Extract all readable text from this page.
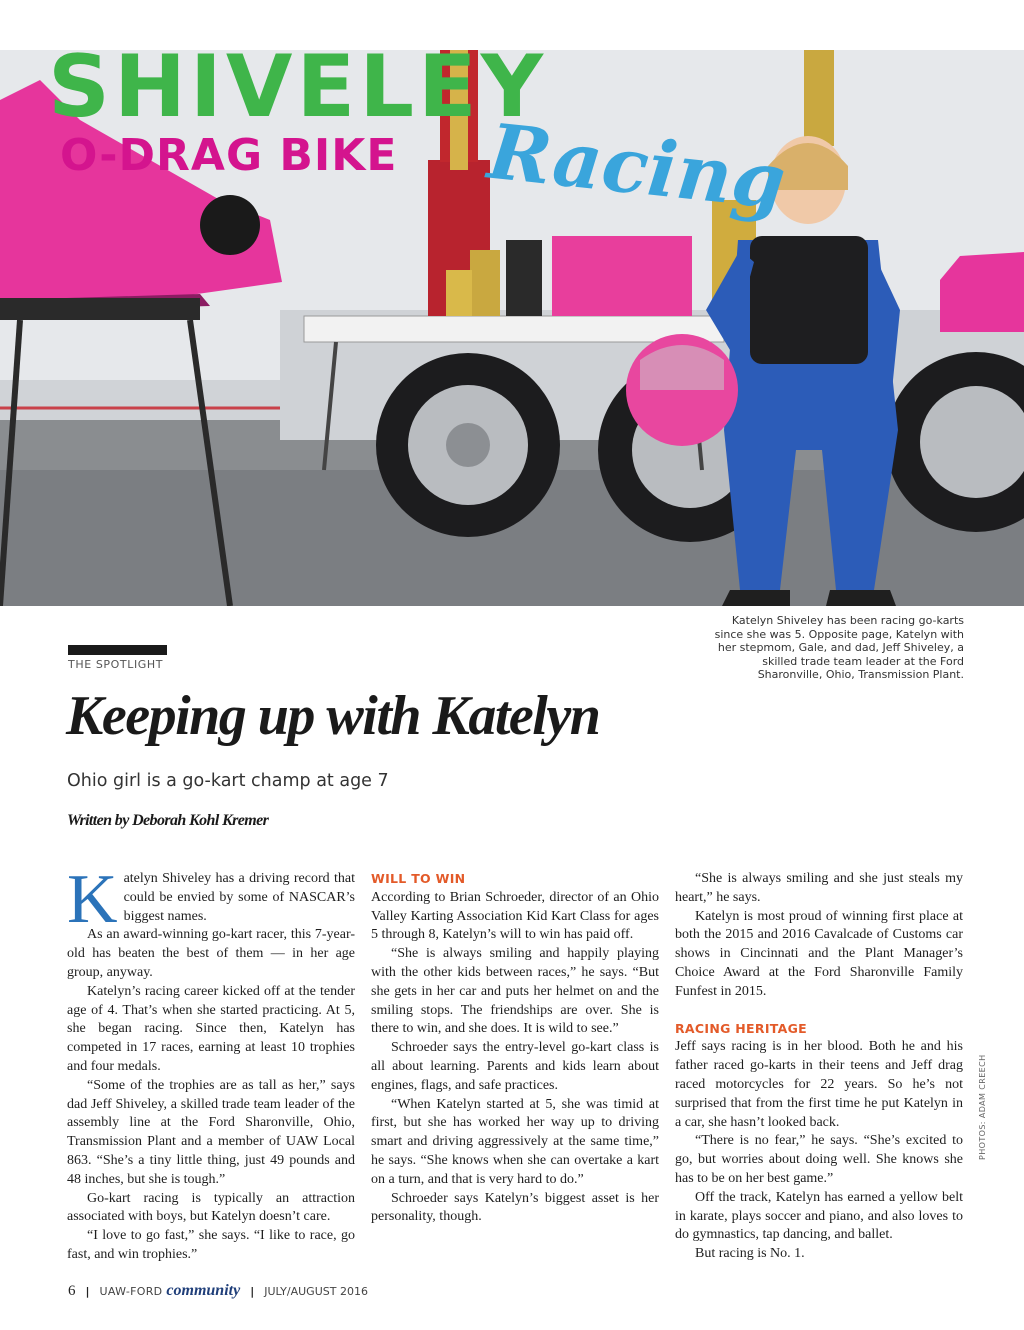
SHIVELEY
O-DRAG BIKE Racing
Katelyn Shiveley has been racing go-karts since she was 5. Opposite page, Katelyn with her stepmom, Gale, and dad, Jeff Shiveley, a skilled trade team leader at the Ford Sharonville, Ohio, Transmission Plant.
THE SPOTLIGHT
Keeping up with Katelyn
Ohio girl is a go-kart champ at age 7
Written by Deborah Kohl Kremer

Katelyn Shiveley has a driving record that could be envied by some of NASCAR’s biggest names.

As an award-winning go-kart racer, this 7-year-old has beaten the best of them — in her age group, anyway.

Katelyn’s racing career kicked off at the tender age of 4. That’s when she started practicing. At 5, she began racing. Since then, Katelyn has competed in 17 races, earning at least 10 trophies and four medals.

“Some of the trophies are as tall as her,” says dad Jeff Shiveley, a skilled trade team leader of the assembly line at the Ford Sharonville, Ohio, Transmission Plant and a member of UAW Local 863. “She’s a tiny little thing, just 49 pounds and 48 inches, but she is tough.”

Go-kart racing is typically an attraction associated with boys, but Katelyn doesn’t care.

“I love to go fast,” she says. “I like to race, go fast, and win trophies.”

WILL TO WIN

According to Brian Schroeder, director of an Ohio Valley Karting Association Kid Kart Class for ages 5 through 8, Katelyn’s will to win has paid off.

“She is always smiling and happily playing with the other kids between races,” he says. “But she gets in her car and puts her helmet on and the smiling stops. The friendships are over. She is there to win, and she does. It is wild to see.”

Schroeder says the entry-level go-kart class is all about learning. Parents and kids learn about engines, flags, and safe practices.

“When Katelyn started at 5, she was timid at first, but she has worked her way up to driving smart and driving aggressively at the same time,” he says. “She knows when she can overtake a kart on a turn, and that is very hard to do.”

Schroeder says Katelyn’s biggest asset is her personality, though.

“She is always smiling and she just steals my heart,” he says.

Katelyn is most proud of winning first place at both the 2015 and 2016 Cavalcade of Customs car shows in Cincinnati and the Plant Manager’s Choice Award at the Ford Sharonville Family Funfest in 2015.

RACING HERITAGE

Jeff says racing is in her blood. Both he and his father raced go-karts in their teens and Jeff drag raced motorcycles for 22 years. So he’s not surprised that from the first time he put Katelyn in a car, she hasn’t looked back.

“There is no fear,” he says. “She’s excited to go, but worries about doing well. She knows she has to be on her best game.”

Off the track, Katelyn has earned a yellow belt in karate, plays soccer and piano, and also loves to do gymnastics, tap dancing, and ballet.

But racing is No. 1.

PHOTOS: ADAM CREECH
6 | UAW-FORD community | JULY/AUGUST 2016
